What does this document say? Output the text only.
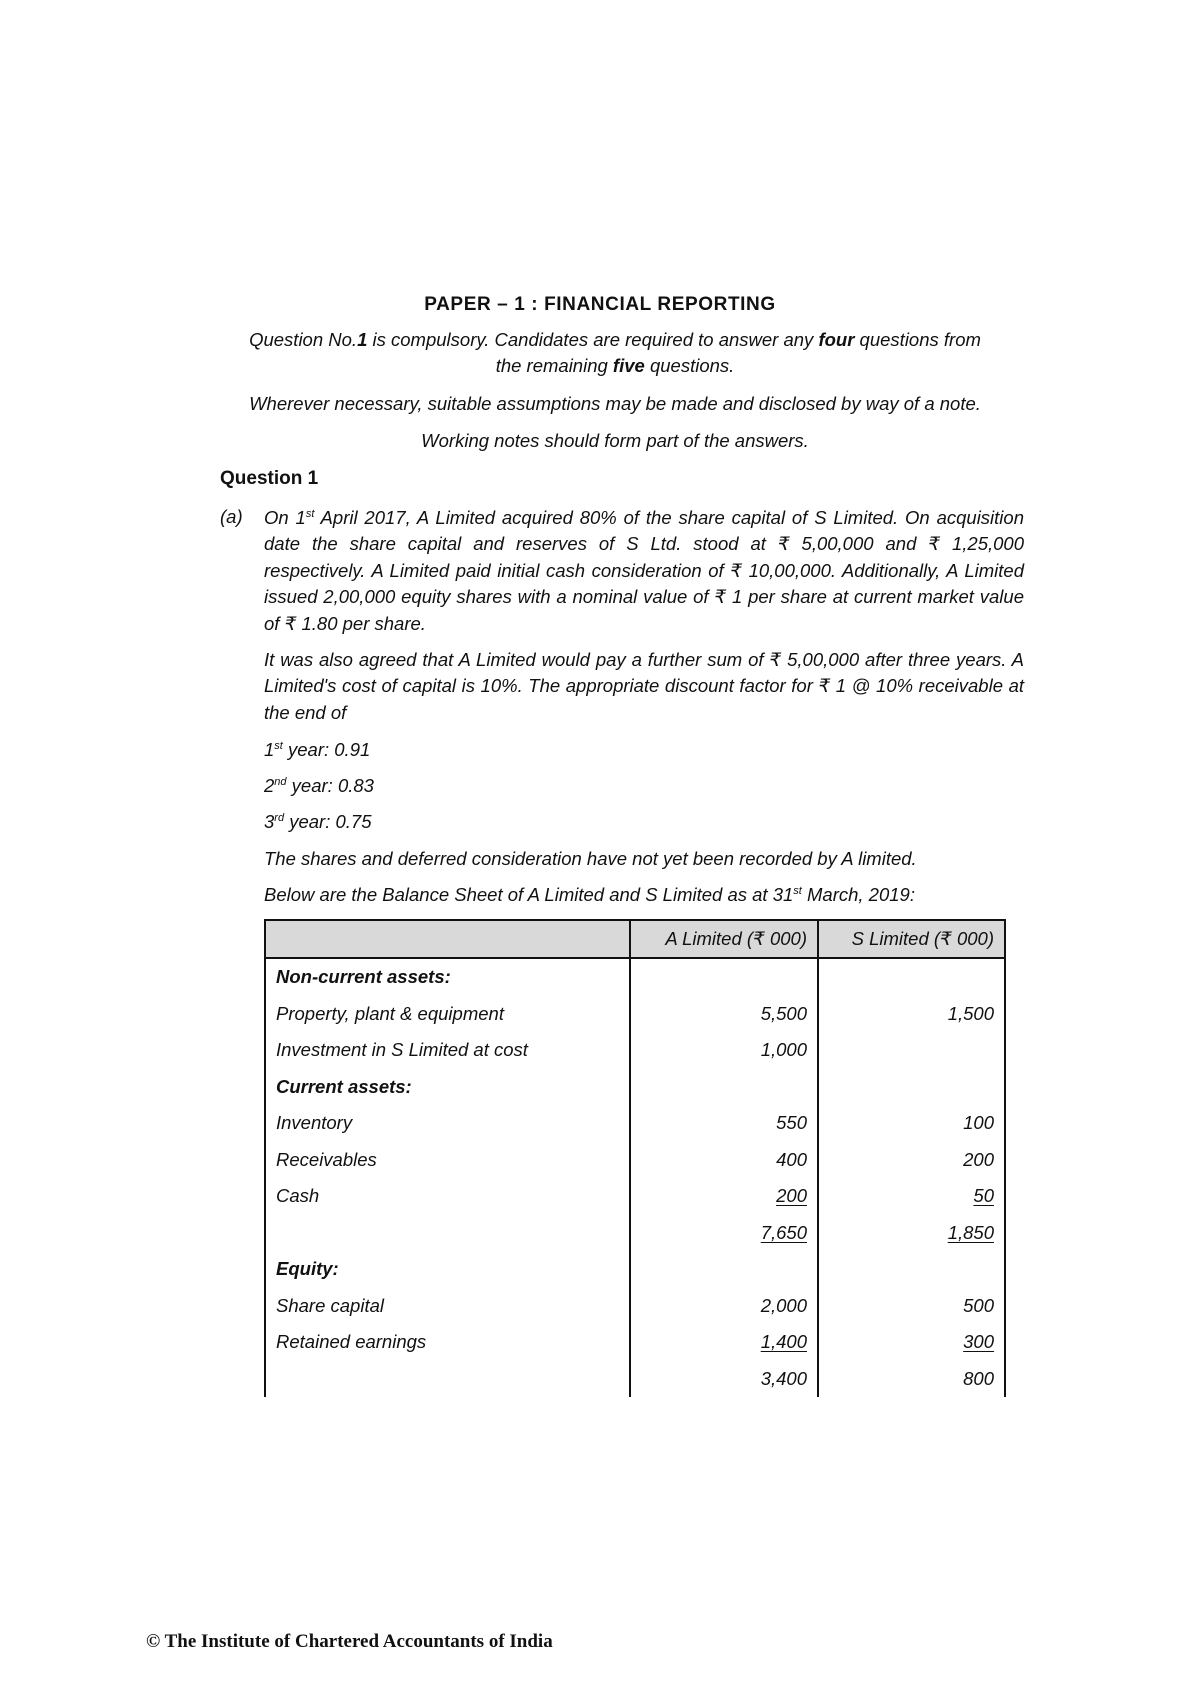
PAPER – 1 : FINANCIAL REPORTING
Question No.1 is compulsory. Candidates are required to answer any four questions from
the remaining five questions.
Wherever necessary, suitable assumptions may be made and disclosed by way of a note.
Working notes should form part of the answers.
Question 1
(a) On 1st April 2017, A Limited acquired 80% of the share capital of S Limited. On acquisition date the share capital and reserves of S Ltd. stood at ₹ 5,00,000 and ₹ 1,25,000 respectively. A Limited paid initial cash consideration of ₹ 10,00,000. Additionally, A Limited issued 2,00,000 equity shares with a nominal value of ₹ 1 per share at current market value of ₹ 1.80 per share.
It was also agreed that A Limited would pay a further sum of ₹ 5,00,000 after three years. A Limited's cost of capital is 10%. The appropriate discount factor for ₹ 1 @ 10% receivable at the end of
1st year: 0.91
2nd year: 0.83
3rd year: 0.75
The shares and deferred consideration have not yet been recorded by A limited.
Below are the Balance Sheet of A Limited and S Limited as at 31st March, 2019:
	A Limited (₹ 000)	S Limited (₹ 000)
Non-current assets:		
Property, plant & equipment	5,500	1,500
Investment in S Limited at cost	1,000	
Current assets:		
Inventory	550	100
Receivables	400	200
Cash	200	50
	7,650	1,850
Equity:		
Share capital	2,000	500
Retained earnings	1,400	300
	3,400	800
© The Institute of Chartered Accountants of India
